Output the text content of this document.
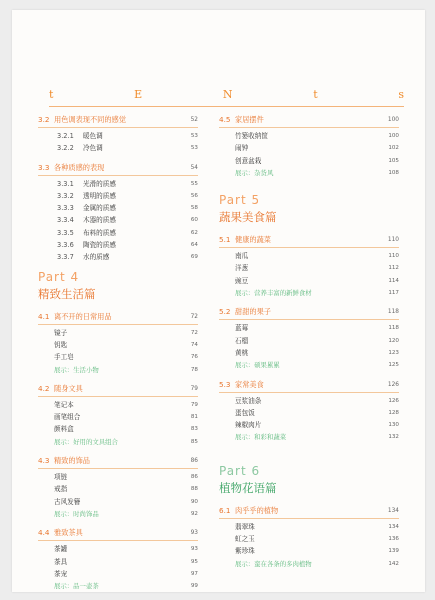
t	E	N	t	s
3.2 用色调表现不同的感觉	52
3.2.1 暖色调	53
3.2.2 冷色调	53
3.3 各种质感的表现	54
3.3.1 光滑的质感	55
3.3.2 透明的质感	56
3.3.3 金属的质感	58
3.3.4 木器的质感	60
3.3.5 布料的质感	62
3.3.6 陶瓷的质感	64
3.3.7 水的质感	69
Part 4
精致生活篇
4.1 离不开的日常用品	72
镜子	72
钥匙	74
手工皂	76
展示：生活小物	78
4.2 随身文具	79
笔记本	79
画笔组合	81
颜料盒	83
展示：好用的文具组合	85
4.3 精致的饰品	86
项链	86
戒指	88
古风发簪	90
展示：时尚饰品	92
4.4 雅致茶具	93
茶罐	93
茶具	95
茶宠	97
展示：品一壶茶	99
4.5 家居摆件	100
竹篓收纳筐	100
闹钟	102
创意盆栽	105
展示：杂货风	108
Part 5
蔬果美食篇
5.1 健康的蔬菜	110
南瓜	110
洋葱	112
豌豆	114
展示：营养丰富的新鲜食材	117
5.2 甜甜的果子	118
蓝莓	118
石榴	120
黄桃	123
展示：硕果累累	125
5.3 家常美食	126
豆浆油条	126
蛋包饭	128
辣椒肉片	130
展示：和彩和蔬菜	132
Part 6
植物花语篇
6.1 肉乎乎的植物	134
翡翠珠	134
虹之玉	136
紫珍珠	139
展示：蛮在各条的多肉植物	142
